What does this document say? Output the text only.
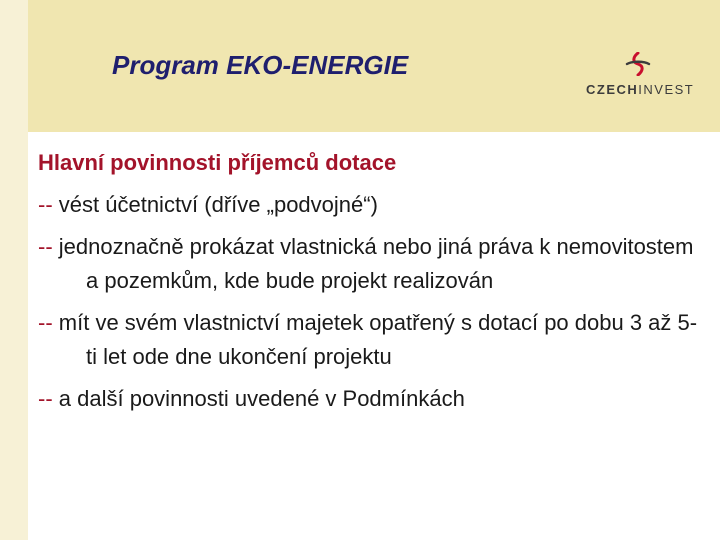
Program EKO-ENERGIE
CZECHINVEST
Hlavní povinnosti příjemců dotace

-- vést účetnictví (dříve „podvojné“)

-- jednoznačně prokázat vlastnická nebo jiná práva k nemovitostem a pozemkům, kde bude projekt realizován

-- mít ve svém vlastnictví majetek opatřený s dotací po dobu 3 až 5-ti let ode dne ukončení projektu

-- a další povinnosti uvedené v Podmínkách
